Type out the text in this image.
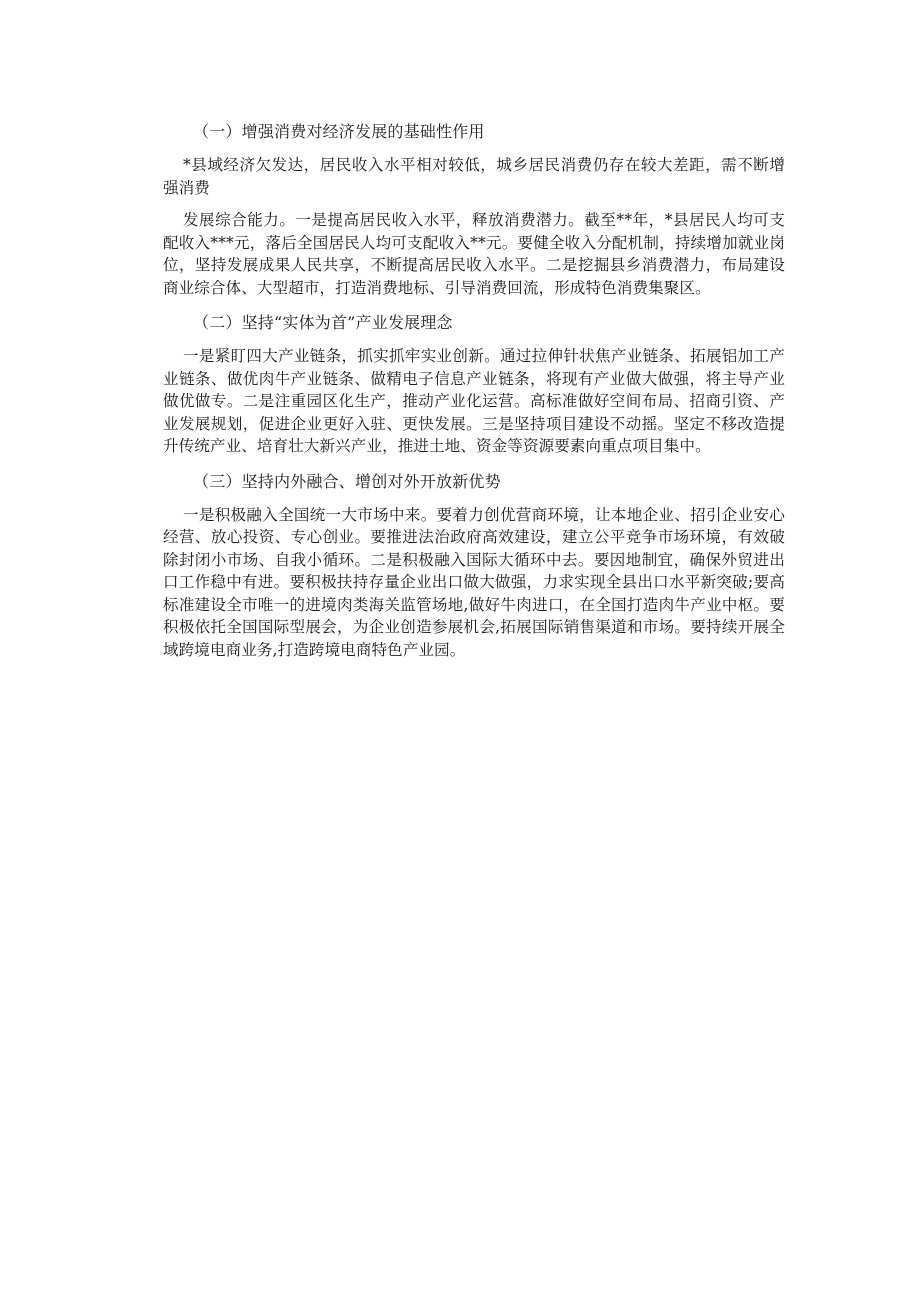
（一）增强消费对经济发展的基础性作用

*县域经济欠发达，居民收入水平相对较低，城乡居民消费仍存在较大差距，需不断增强消费

发展综合能力。一是提高居民收入水平，释放消费潜力。截至**年，*县居民人均可支配收入***元，落后全国居民人均可支配收入**元。要健全收入分配机制，持续增加就业岗位，坚持发展成果人民共享，不断提高居民收入水平。二是挖掘县乡消费潜力，布局建设商业综合体、大型超市，打造消费地标、引导消费回流，形成特色消费集聚区。

（二）坚持“实体为首”产业发展理念

一是紧盯四大产业链条，抓实抓牢实业创新。通过拉伸针状焦产业链条、拓展铝加工产业链条、做优肉牛产业链条、做精电子信息产业链条，将现有产业做大做强，将主导产业做优做专。二是注重园区化生产，推动产业化运营。高标准做好空间布局、招商引资、产业发展规划，促进企业更好入驻、更快发展。三是坚持项目建设不动摇。坚定不移改造提升传统产业、培育壮大新兴产业，推进土地、资金等资源要素向重点项目集中。

（三）坚持内外融合、增创对外开放新优势

一是积极融入全国统一大市场中来。要着力创优营商环境，让本地企业、招引企业安心经营、放心投资、专心创业。要推进法治政府高效建设，建立公平竞争市场环境，有效破除封闭小市场、自我小循环。二是积极融入国际大循环中去。要因地制宜，确保外贸进出口工作稳中有进。要积极扶持存量企业出口做大做强，力求实现全县出口水平新突破;要高标准建设全市唯一的进境肉类海关监管场地,做好牛肉进口，在全国打造肉牛产业中枢。要积极依托全国国际型展会，为企业创造参展机会,拓展国际销售渠道和市场。要持续开展全域跨境电商业务,打造跨境电商特色产业园。
